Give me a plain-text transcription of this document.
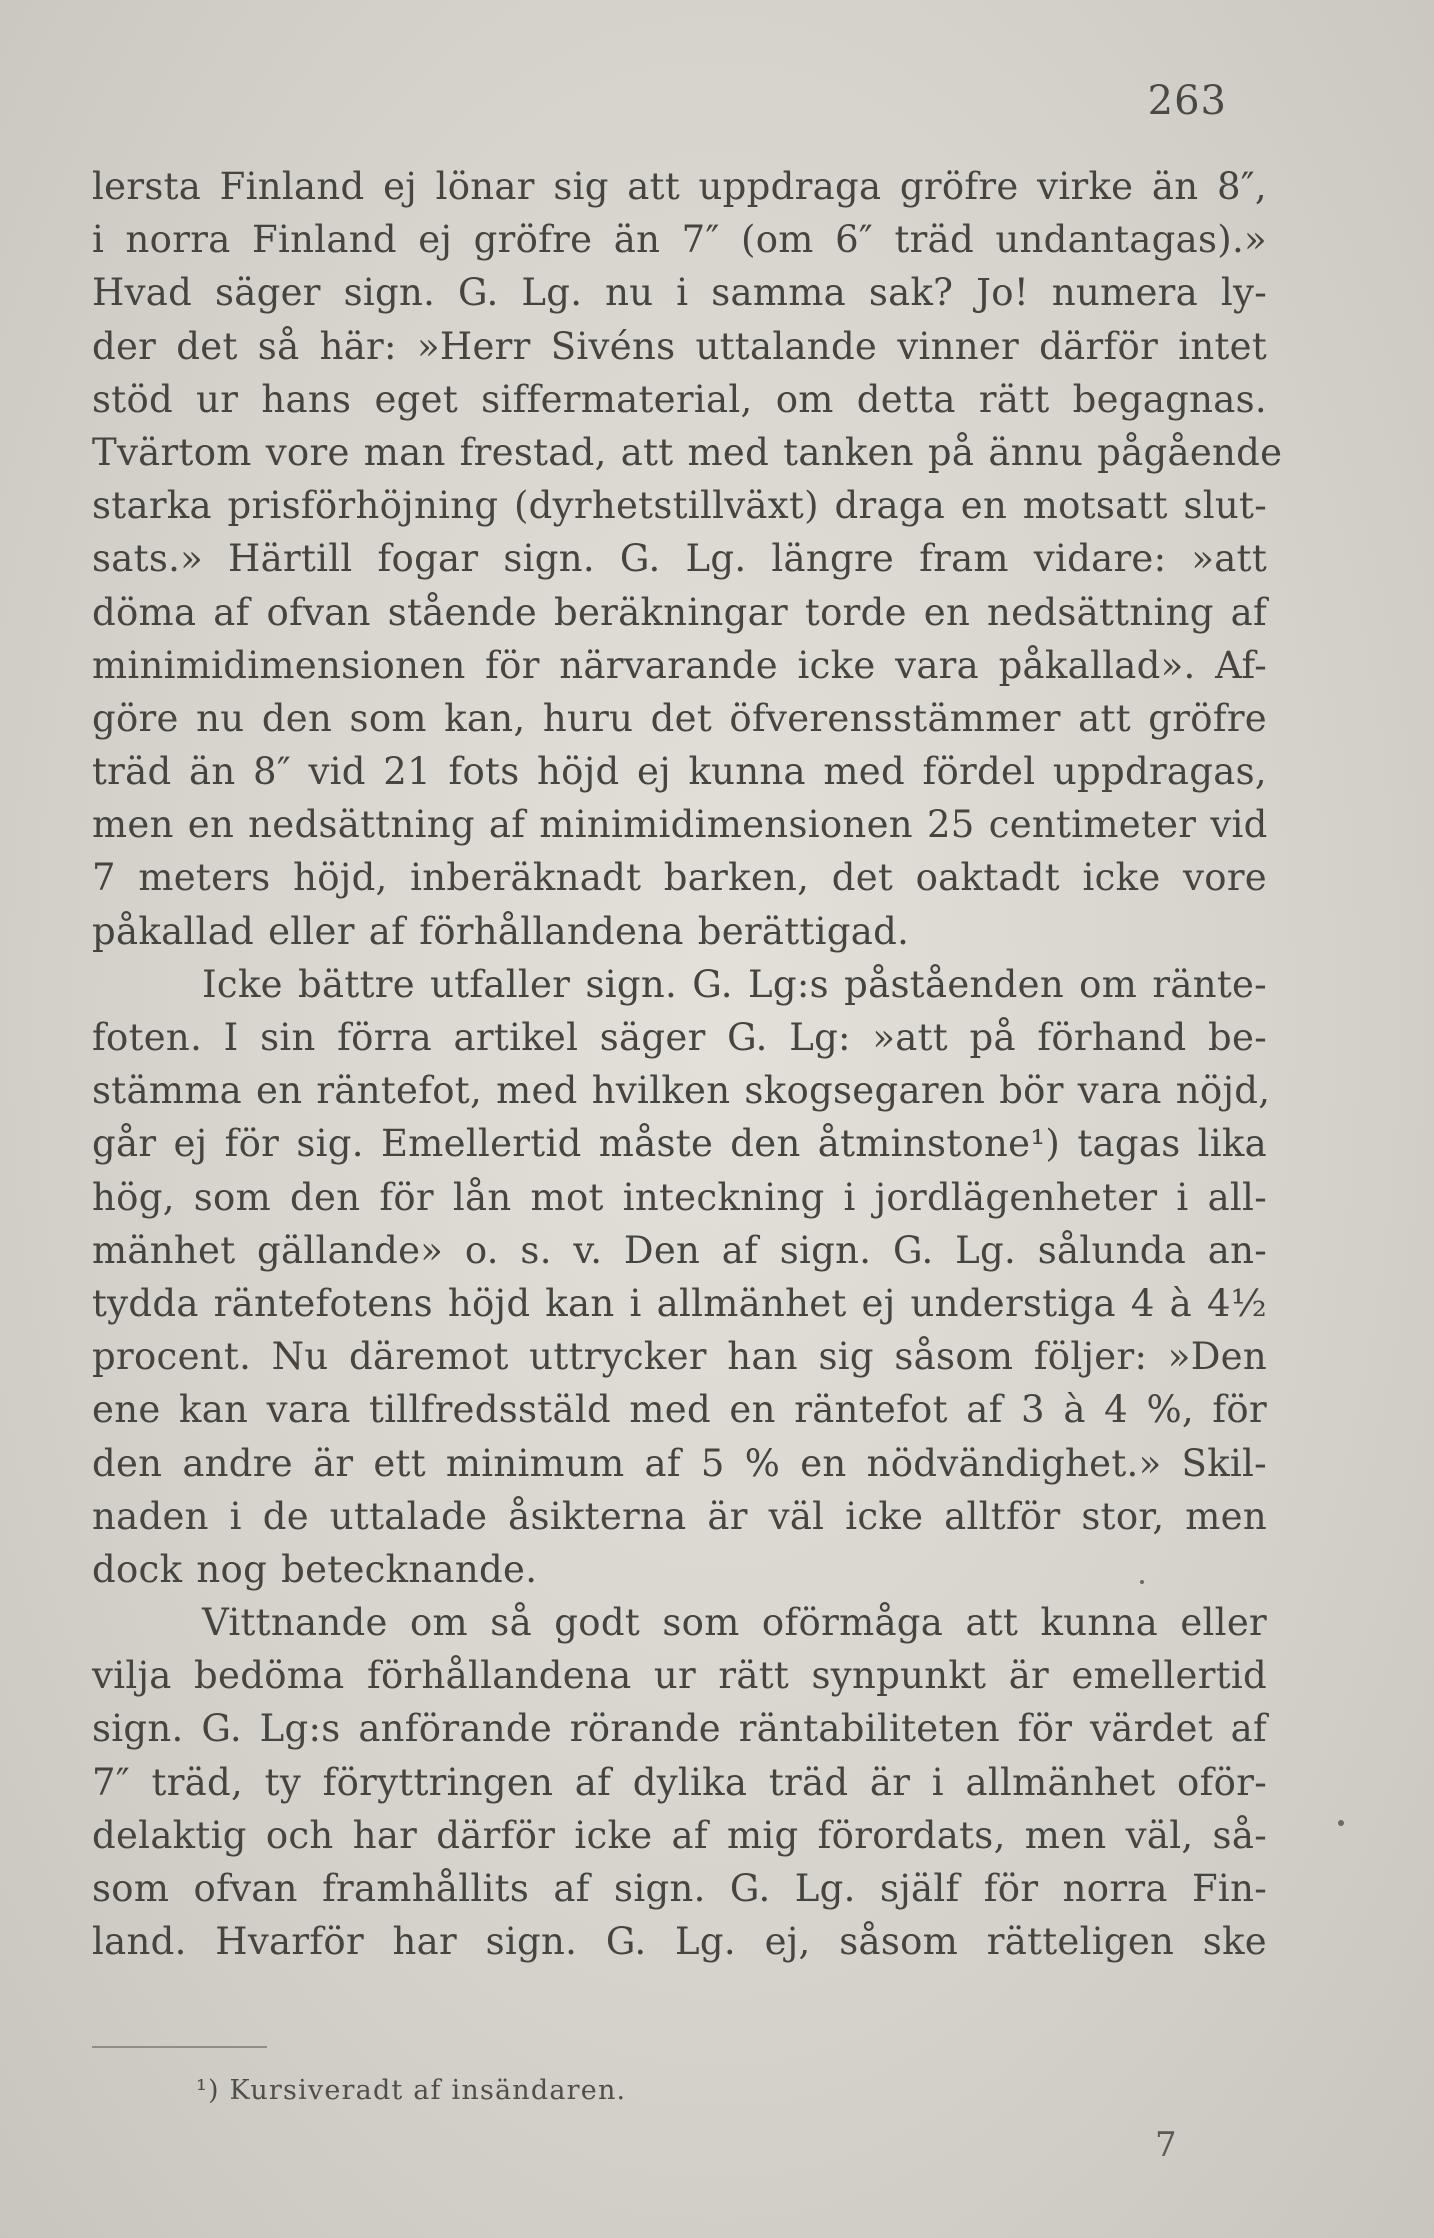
263
lersta Finland ej lönar sig att uppdraga gröfre virke än 8″,
i norra Finland ej gröfre än 7″ (om 6″ träd undantagas).»
Hvad säger sign. G. Lg. nu i samma sak? Jo! numera ly-
der det så här: »Herr Sivéns uttalande vinner därför intet
stöd ur hans eget siffermaterial, om detta rätt begagnas.
Tvärtom vore man frestad, att med tanken på ännu pågående
starka prisförhöjning (dyrhetstillväxt) draga en motsatt slut-
sats.» Härtill fogar sign. G. Lg. längre fram vidare: »att
döma af ofvan stående beräkningar torde en nedsättning af
minimidimensionen för närvarande icke vara påkallad». Af-
göre nu den som kan, huru det öfverensstämmer att gröfre
träd än 8″ vid 21 fots höjd ej kunna med fördel uppdragas,
men en nedsättning af minimidimensionen 25 centimeter vid
7 meters höjd, inberäknadt barken, det oaktadt icke vore
påkallad eller af förhållandena berättigad.
Icke bättre utfaller sign. G. Lg:s påståenden om ränte-
foten. I sin förra artikel säger G. Lg: »att på förhand be-
stämma en räntefot, med hvilken skogsegaren bör vara nöjd,
går ej för sig. Emellertid måste den åtminstone¹) tagas lika
hög, som den för lån mot inteckning i jordlägenheter i all-
mänhet gällande» o. s. v. Den af sign. G. Lg. sålunda an-
tydda räntefotens höjd kan i allmänhet ej understiga 4 à 4½
procent. Nu däremot uttrycker han sig såsom följer: »Den
ene kan vara tillfredsstäld med en räntefot af 3 à 4 %, för
den andre är ett minimum af 5 % en nödvändighet.» Skil-
naden i de uttalade åsikterna är väl icke alltför stor, men
dock nog betecknande.
Vittnande om så godt som oförmåga att kunna eller
vilja bedöma förhållandena ur rätt synpunkt är emellertid
sign. G. Lg:s anförande rörande räntabiliteten för värdet af
7″ träd, ty föryttringen af dylika träd är i allmänhet oför-
delaktig och har därför icke af mig förordats, men väl, så-
som ofvan framhållits af sign. G. Lg. själf för norra Fin-
land. Hvarför har sign. G. Lg. ej, såsom rätteligen ske
¹) Kursiveradt af insändaren.
7
